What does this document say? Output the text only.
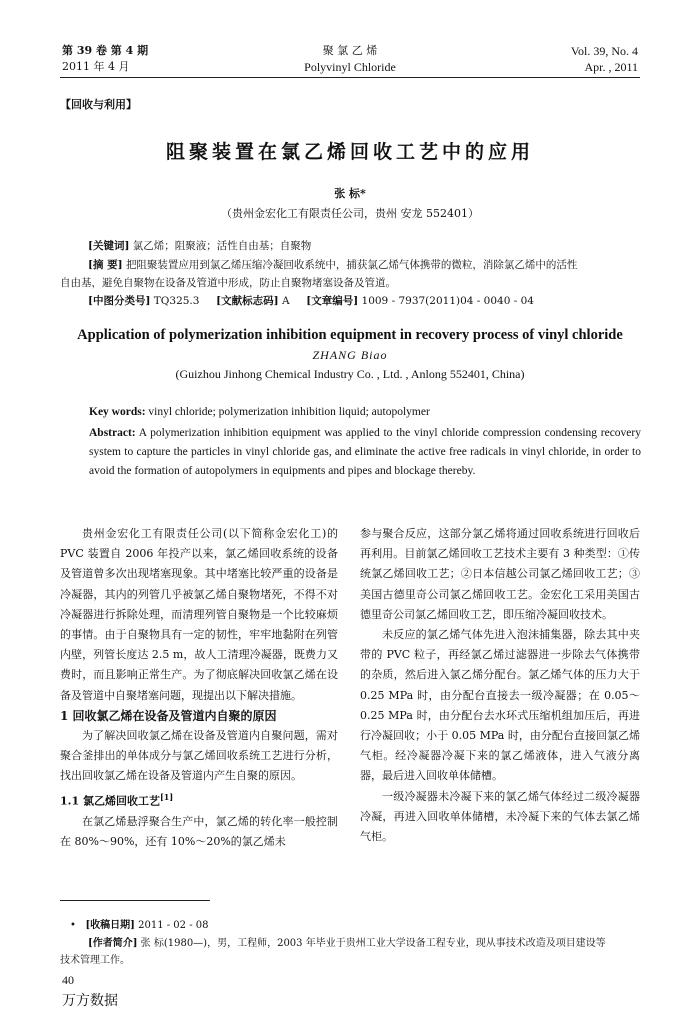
第 39 卷 第 4 期
2011 年 4 月
聚 氯 乙 烯
Polyvinyl Chloride
Vol. 39, No. 4
Apr. , 2011
【回收与利用】
阻聚装置在氯乙烯回收工艺中的应用
张 标*
（贵州金宏化工有限责任公司，贵州 安龙 552401）
[关键词] 氯乙烯；阻聚液；活性自由基；自聚物
[摘 要] 把阻聚装置应用到氯乙烯压缩冷凝回收系统中，捕获氯乙烯气体携带的微粒，消除氯乙烯中的活性
自由基，避免自聚物在设备及管道中形成，防止自聚物堵塞设备及管道。
[中图分类号] TQ325.3 [文献标志码] A [文章编号] 1009 - 7937(2011)04 - 0040 - 04
Application of polymerization inhibition equipment in recovery process of vinyl chloride
ZHANG Biao
(Guizhou Jinhong Chemical Industry Co. , Ltd. , Anlong 552401, China)
Key words: vinyl chloride; polymerization inhibition liquid; autopolymer
Abstract: A polymerization inhibition equipment was applied to the vinyl chloride compression condensing recovery system to capture the particles in vinyl chloride gas, and eliminate the active free radicals in vinyl chloride, in order to avoid the formation of autopolymers in equipments and pipes and blockage thereby.

贵州金宏化工有限责任公司(以下简称金宏化工)的 PVC 装置自 2006 年投产以来，氯乙烯回收系统的设备及管道曾多次出现堵塞现象。其中堵塞比较严重的设备是冷凝器，其内的列管几乎被氯乙烯自聚物堵死，不得不对冷凝器进行拆除处理，而清理列管自聚物是一个比较麻烦的事情。由于自聚物具有一定的韧性，牢牢地黏附在列管内壁，列管长度达 2.5 m，故人工清理冷凝器，既费力又费时，而且影响正常生产。为了彻底解决回收氯乙烯在设备及管道中自聚堵塞问题，现提出以下解决措施。

1 回收氯乙烯在设备及管道内自聚的原因

为了解决回收氯乙烯在设备及管道内自聚问题，需对聚合釜排出的单体成分与氯乙烯回收系统工艺进行分析，找出回收氯乙烯在设备及管道内产生自聚的原因。

1.1 氯乙烯回收工艺[1]

在氯乙烯悬浮聚合生产中，氯乙烯的转化率一般控制在 80%～90%，还有 10%～20%的氯乙烯未

参与聚合反应，这部分氯乙烯将通过回收系统进行回收后再利用。目前氯乙烯回收工艺技术主要有 3 种类型：①传统氯乙烯回收工艺；②日本信越公司氯乙烯回收工艺；③美国古德里奇公司氯乙烯回收工艺。金宏化工采用美国古德里奇公司氯乙烯回收工艺，即压缩冷凝回收技术。

未反应的氯乙烯气体先进入泡沫捕集器，除去其中夹带的 PVC 粒子，再经氯乙烯过滤器进一步除去气体携带的杂质，然后进入氯乙烯分配台。氯乙烯气体的压力大于 0.25 MPa 时，由分配台直接去一级冷凝器；在 0.05～0.25 MPa 时，由分配台去水环式压缩机组加压后，再进行冷凝回收；小于 0.05 MPa 时，由分配台直接回氯乙烯气柜。经冷凝器冷凝下来的氯乙烯液体，进入气液分离器，最后进入回收单体储槽。

一级冷凝器未冷凝下来的氯乙烯气体经过二级冷凝器冷凝，再进入回收单体储槽，未冷凝下来的气体去氯乙烯气柜。

• [收稿日期] 2011 - 02 - 08
[作者简介] 张 标(1980—)，男，工程师，2003 年毕业于贵州工业大学设备工程专业，现从事技术改造及项目建设等
技术管理工作。
40
万方数据
